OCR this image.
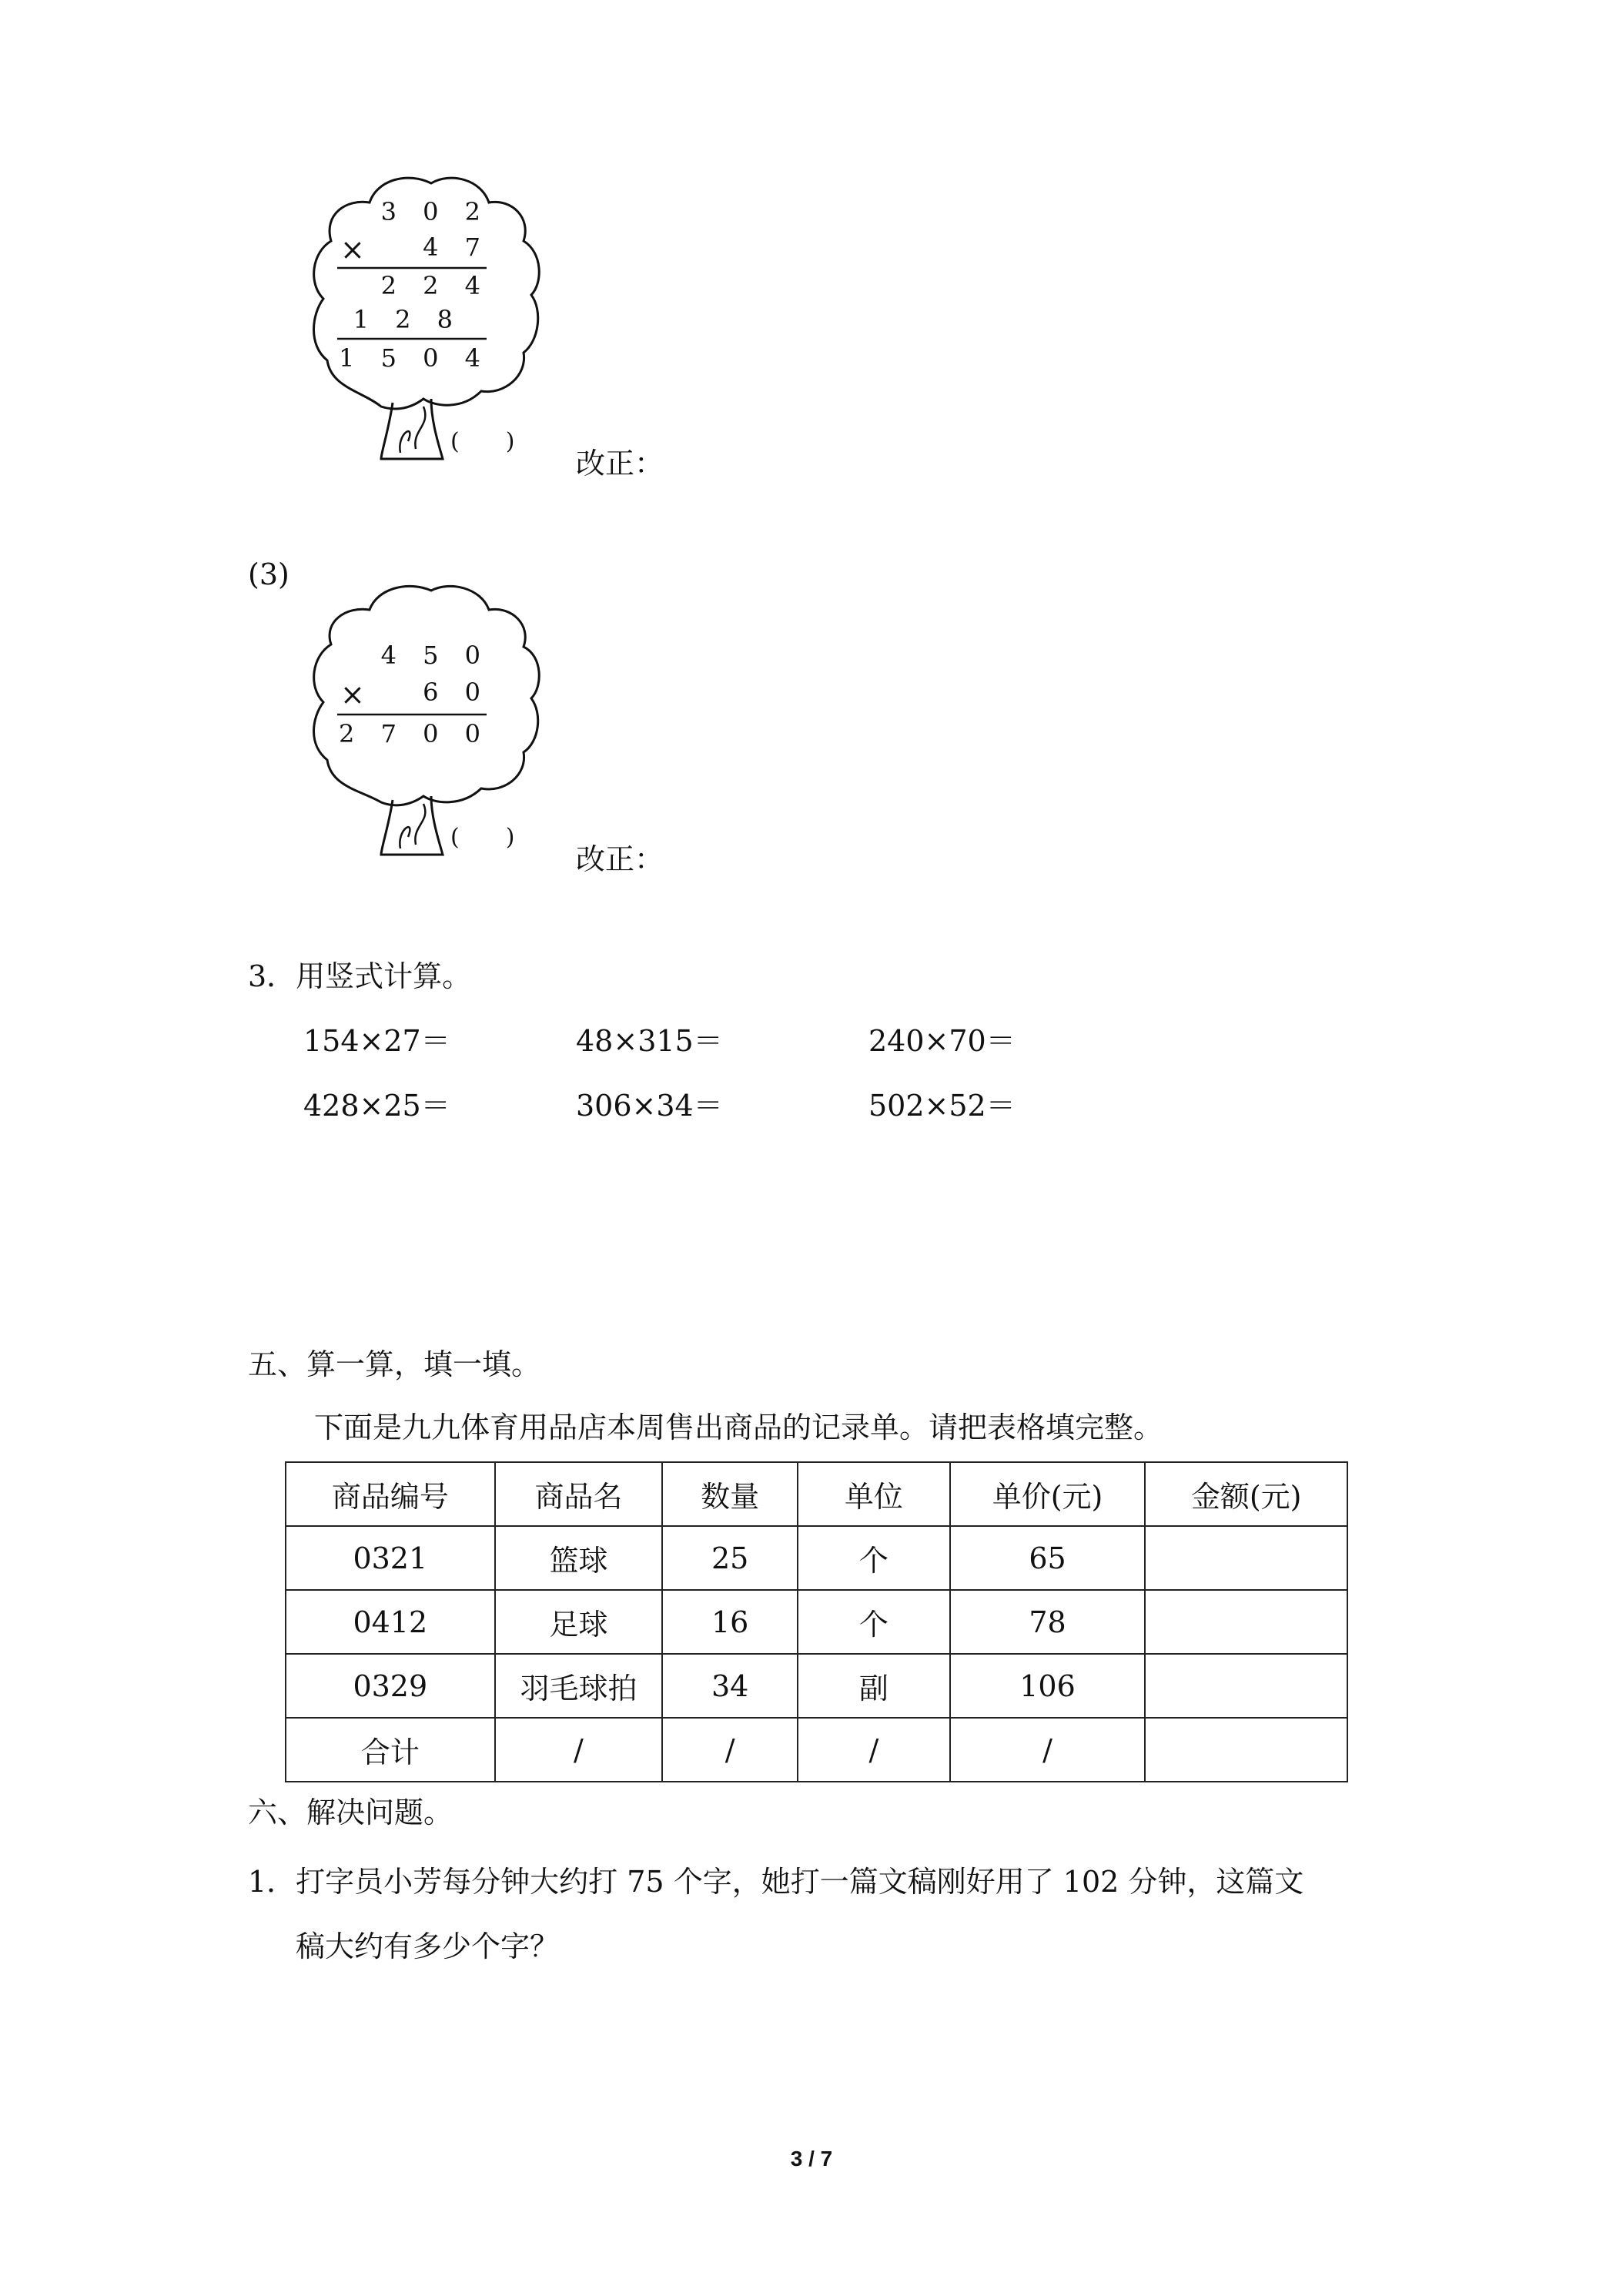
3 0 2
× 4 7
2 2 4
1 2 8
1 5 0 4
(　　)
改正：
(3)
4 5 0
× 6 0
2 7 0 0
(　　)
改正：
3．用竖式计算。
154×27＝	48×315＝	240×70＝
428×25＝	306×34＝	502×52＝
五、算一算，填一填。
下面是九九体育用品店本周售出商品的记录单。请把表格填完整。
商品编号	商品名	数量	单位	单价(元)	金额(元)
0321	篮球	25	个	65	
0412	足球	16	个	78	
0329	羽毛球拍	34	副	106	
合计	/	/	/	/	
六、解决问题。
1．打字员小芳每分钟大约打 75 个字，她打一篇文稿刚好用了 102 分钟，这篇文
稿大约有多少个字？
3 / 7
